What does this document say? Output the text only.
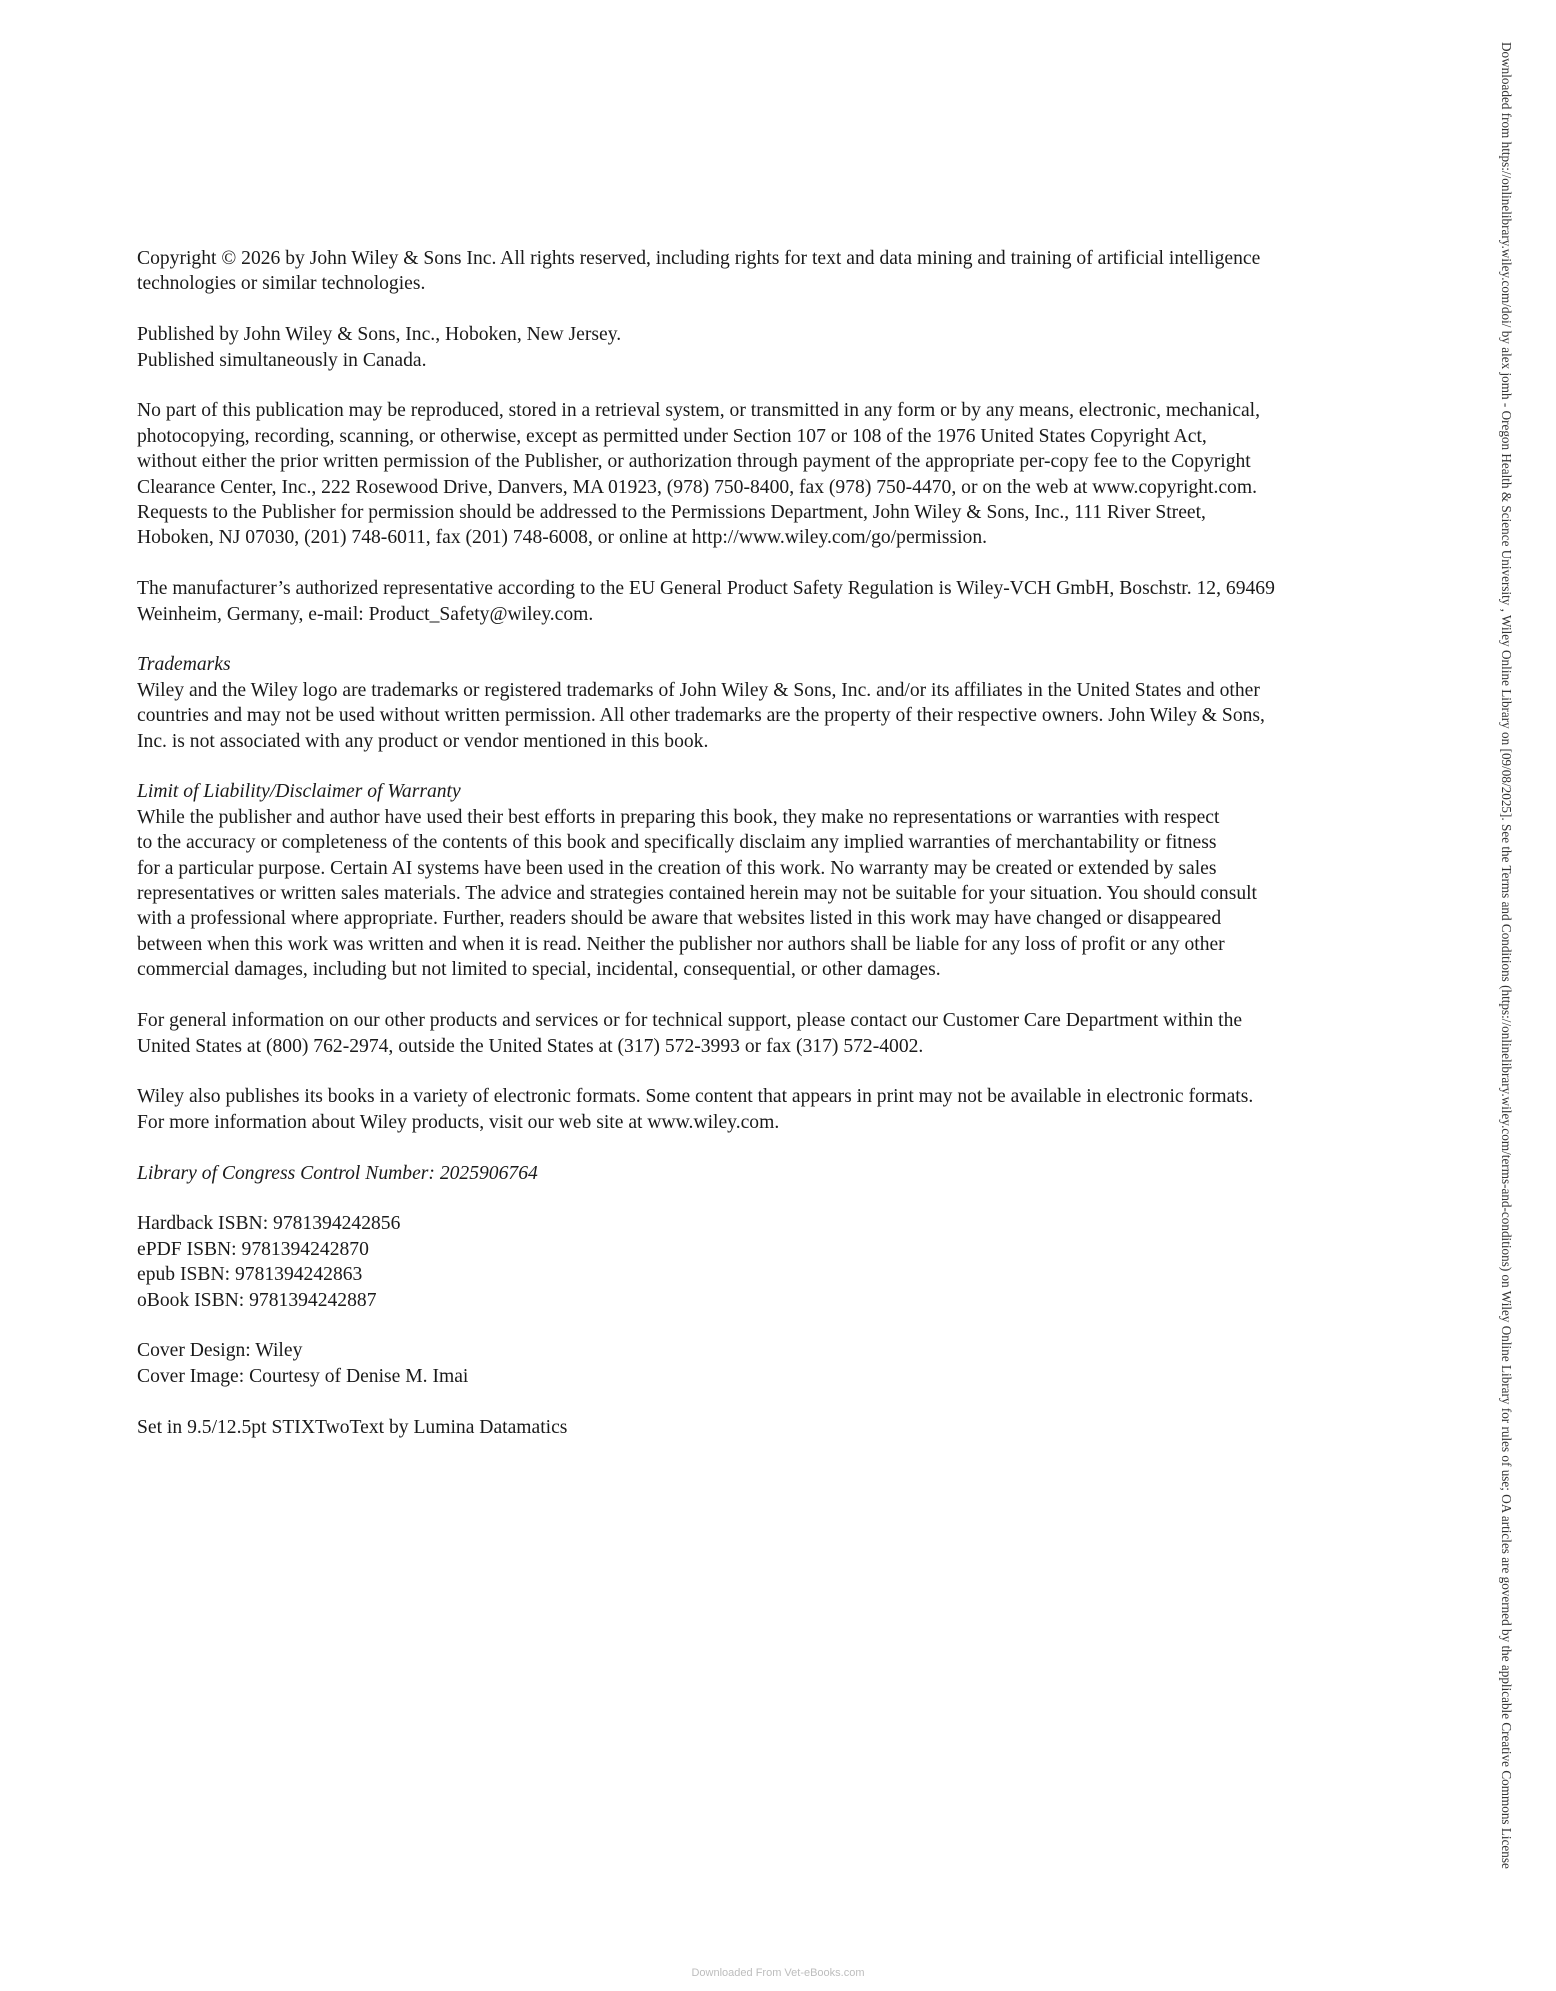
Copyright © 2026 by John Wiley & Sons Inc. All rights reserved, including rights for text and data mining and training of artificial intelligence
technologies or similar technologies.

Published by John Wiley & Sons, Inc., Hoboken, New Jersey.
Published simultaneously in Canada.

No part of this publication may be reproduced, stored in a retrieval system, or transmitted in any form or by any means, electronic, mechanical,
photocopying, recording, scanning, or otherwise, except as permitted under Section 107 or 108 of the 1976 United States Copyright Act,
without either the prior written permission of the Publisher, or authorization through payment of the appropriate per-copy fee to the Copyright
Clearance Center, Inc., 222 Rosewood Drive, Danvers, MA 01923, (978) 750-8400, fax (978) 750-4470, or on the web at www.copyright.com.
Requests to the Publisher for permission should be addressed to the Permissions Department, John Wiley & Sons, Inc., 111 River Street,
Hoboken, NJ 07030, (201) 748-6011, fax (201) 748-6008, or online at http://www.wiley.com/go/permission.

The manufacturer’s authorized representative according to the EU General Product Safety Regulation is Wiley-VCH GmbH, Boschstr. 12, 69469
Weinheim, Germany, e-mail: Product_Safety@wiley.com.

Trademarks
Wiley and the Wiley logo are trademarks or registered trademarks of John Wiley & Sons, Inc. and/or its affiliates in the United States and other
countries and may not be used without written permission. All other trademarks are the property of their respective owners. John Wiley & Sons,
Inc. is not associated with any product or vendor mentioned in this book.

Limit of Liability/Disclaimer of Warranty
While the publisher and author have used their best efforts in preparing this book, they make no representations or warranties with respect
to the accuracy or completeness of the contents of this book and specifically disclaim any implied warranties of merchantability or fitness
for a particular purpose. Certain AI systems have been used in the creation of this work. No warranty may be created or extended by sales
representatives or written sales materials. The advice and strategies contained herein may not be suitable for your situation. You should consult
with a professional where appropriate. Further, readers should be aware that websites listed in this work may have changed or disappeared
between when this work was written and when it is read. Neither the publisher nor authors shall be liable for any loss of profit or any other
commercial damages, including but not limited to special, incidental, consequential, or other damages.

For general information on our other products and services or for technical support, please contact our Customer Care Department within the
United States at (800) 762-2974, outside the United States at (317) 572-3993 or fax (317) 572-4002.

Wiley also publishes its books in a variety of electronic formats. Some content that appears in print may not be available in electronic formats.
For more information about Wiley products, visit our web site at www.wiley.com.

Library of Congress Control Number: 2025906764

Hardback ISBN: 9781394242856
ePDF ISBN: 9781394242870
epub ISBN: 9781394242863
oBook ISBN: 9781394242887

Cover Design: Wiley
Cover Image: Courtesy of Denise M. Imai

Set in 9.5/12.5pt STIXTwoText by Lumina Datamatics	Downloaded from https://onlinelibrary.wiley.com/doi/ by alex jomh - Oregon Health & Science University , Wiley Online Library on [09/08/2025]. See the Terms and Conditions (https://onlinelibrary.wiley.com/terms-and-conditions) on Wiley Online Library for rules of use; OA articles are governed by the applicable Creative Commons License
Downloaded From Vet-eBooks.com
